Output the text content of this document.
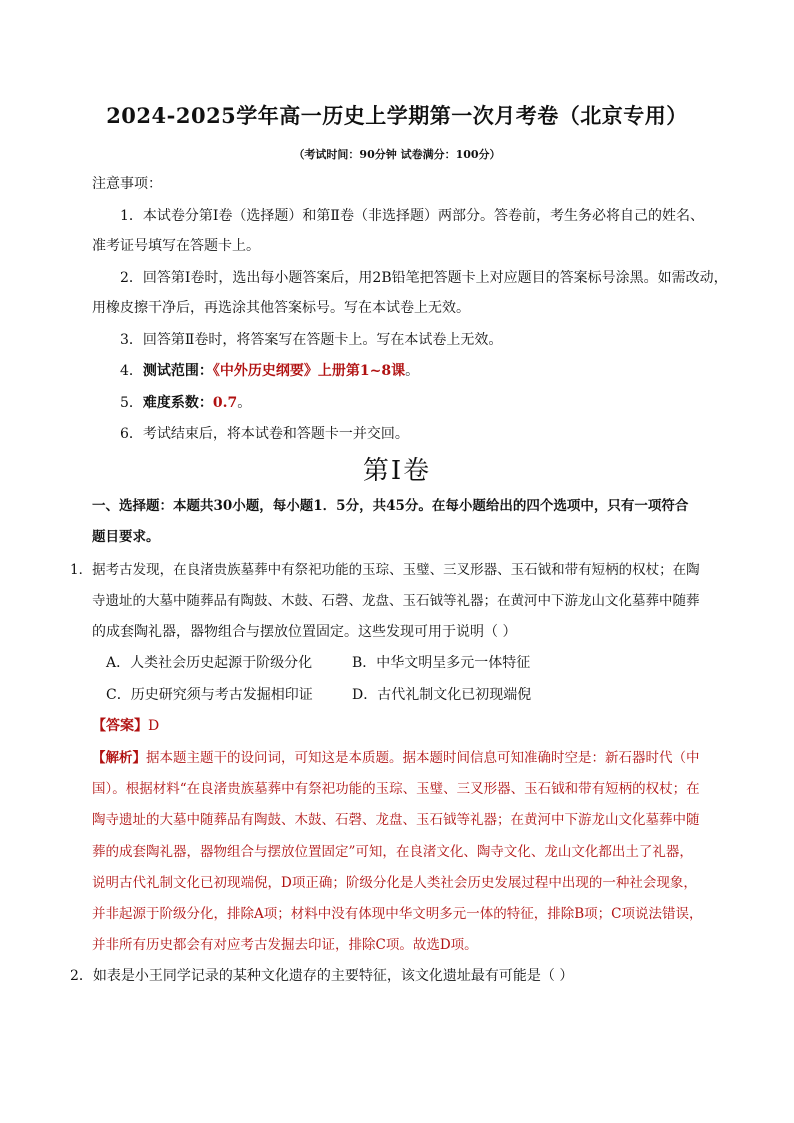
2024-2025学年高一历史上学期第一次月考卷（北京专用）
（考试时间：90分钟 试卷满分：100分）
注意事项：
1．本试卷分第Ⅰ卷（选择题）和第Ⅱ卷（非选择题）两部分。答卷前，考生务必将自己的姓名、
准考证号填写在答题卡上。
2．回答第Ⅰ卷时，选出每小题答案后，用2B铅笔把答题卡上对应题目的答案标号涂黑。如需改动，
用橡皮擦干净后，再选涂其他答案标号。写在本试卷上无效。
3．回答第Ⅱ卷时，将答案写在答题卡上。写在本试卷上无效。
4．测试范围：《中外历史纲要》上册第1~8课。
5．难度系数：0.7。
6．考试结束后，将本试卷和答题卡一并交回。
第Ⅰ卷
一、选择题：本题共30小题，每小题1．5分，共45分。在每小题给出的四个选项中，只有一项符合
题目要求。
1．据考古发现，在良渚贵族墓葬中有祭祀功能的玉琮、玉璧、三叉形器、玉石钺和带有短柄的权杖；在陶
寺遗址的大墓中随葬品有陶鼓、木鼓、石磬、龙盘、玉石钺等礼器；在黄河中下游龙山文化墓葬中随葬
的成套陶礼器，器物组合与摆放位置固定。这些发现可用于说明（ ）
A．人类社会历史起源于阶级分化	B．中华文明呈多元一体特征
C．历史研究须与考古发掘相印证	D．古代礼制文化已初现端倪
【答案】D
【解析】据本题主题干的设问词，可知这是本质题。据本题时间信息可知准确时空是：新石器时代（中
国）。根据材料“在良渚贵族墓葬中有祭祀功能的玉琮、玉璧、三叉形器、玉石钺和带有短柄的权杖；在
陶寺遗址的大墓中随葬品有陶鼓、木鼓、石磬、龙盘、玉石钺等礼器；在黄河中下游龙山文化墓葬中随
葬的成套陶礼器，器物组合与摆放位置固定”可知，在良渚文化、陶寺文化、龙山文化都出土了礼器，
说明古代礼制文化已初现端倪，D项正确；阶级分化是人类社会历史发展过程中出现的一种社会现象，
并非起源于阶级分化，排除A项；材料中没有体现中华文明多元一体的特征，排除B项；C项说法错误，
并非所有历史都会有对应考古发掘去印证，排除C项。故选D项。
2．如表是小王同学记录的某种文化遗存的主要特征，该文化遗址最有可能是（ ）
